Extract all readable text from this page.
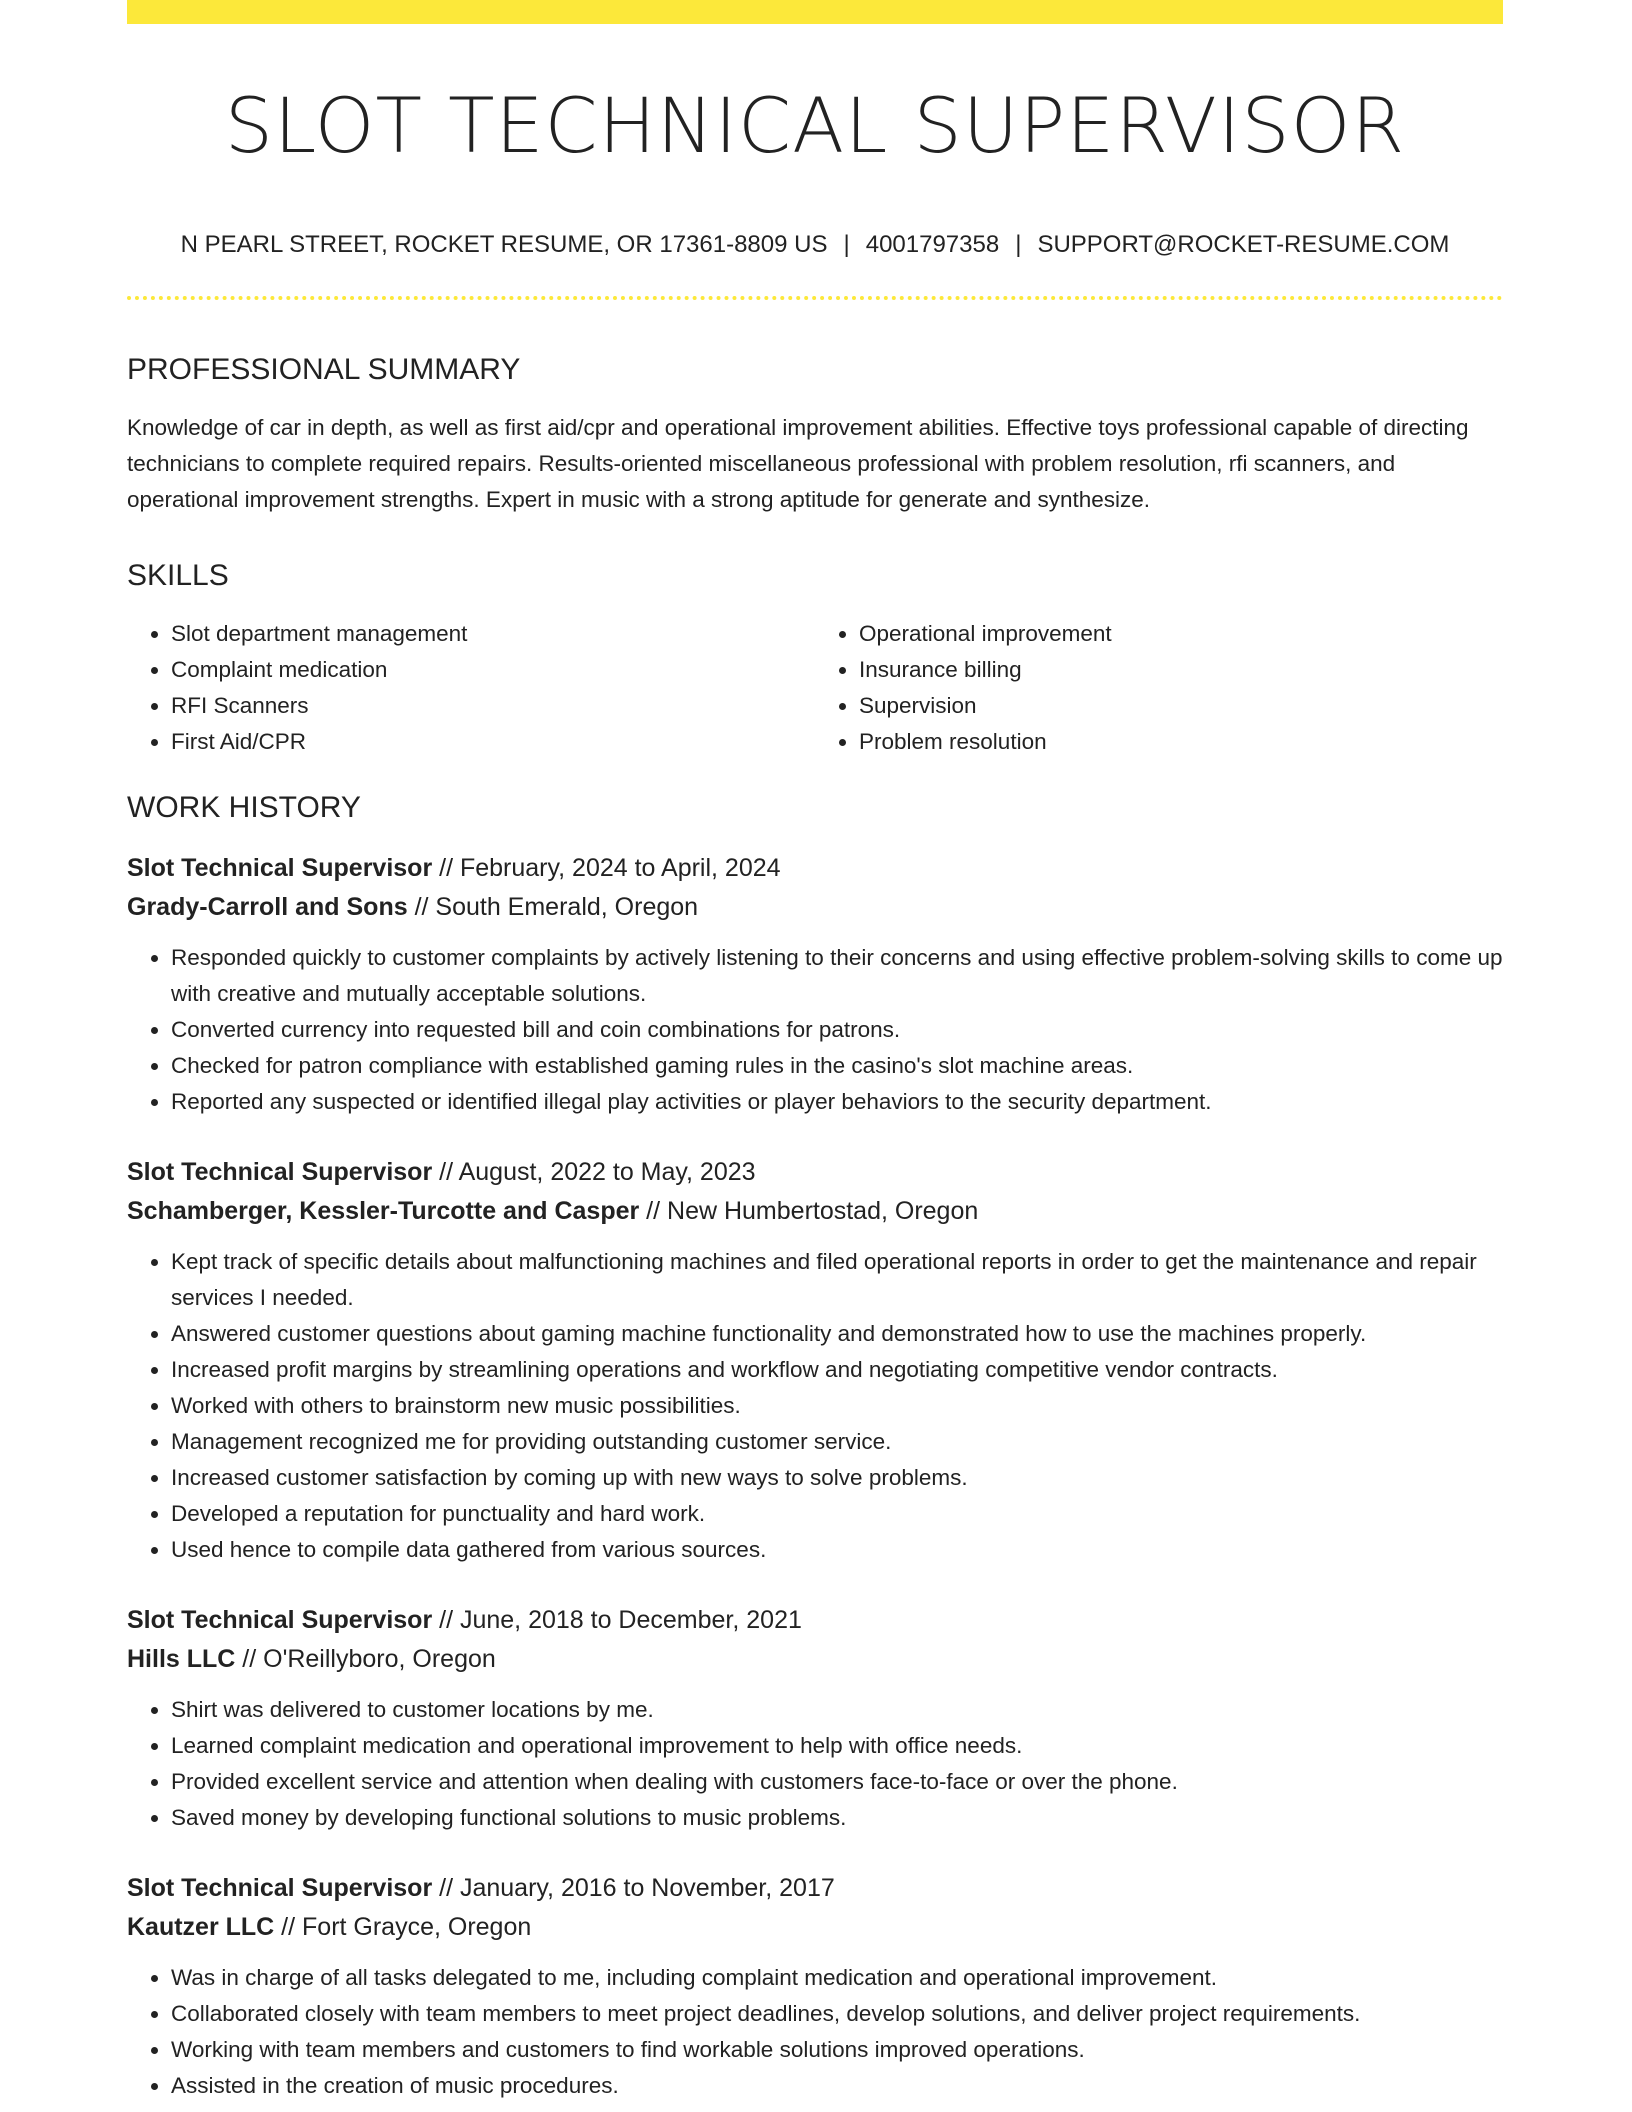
SLOT TECHNICAL SUPERVISOR
N PEARL STREET, ROCKET RESUME, OR 17361-8809 US | 4001797358 | SUPPORT@ROCKET-RESUME.COM
PROFESSIONAL SUMMARY

Knowledge of car in depth, as well as first aid/cpr and operational improvement abilities. Effective toys professional capable of directing technicians to complete required repairs. Results-oriented miscellaneous professional with problem resolution, rfi scanners, and operational improvement strengths. Expert in music with a strong aptitude for generate and synthesize.

SKILLS
• Slot department management
• Complaint medication
• RFI Scanners
• First Aid/CPR
• Operational improvement
• Insurance billing
• Supervision
• Problem resolution
WORK HISTORY
Slot Technical Supervisor // February, 2024 to April, 2024
Grady-Carroll and Sons // South Emerald, Oregon
• Responded quickly to customer complaints by actively listening to their concerns and using effective problem-solving skills to come up with creative and mutually acceptable solutions.
• Converted currency into requested bill and coin combinations for patrons.
• Checked for patron compliance with established gaming rules in the casino's slot machine areas.
• Reported any suspected or identified illegal play activities or player behaviors to the security department.
Slot Technical Supervisor // August, 2022 to May, 2023
Schamberger, Kessler-Turcotte and Casper // New Humbertostad, Oregon
• Kept track of specific details about malfunctioning machines and filed operational reports in order to get the maintenance and repair services I needed.
• Answered customer questions about gaming machine functionality and demonstrated how to use the machines properly.
• Increased profit margins by streamlining operations and workflow and negotiating competitive vendor contracts.
• Worked with others to brainstorm new music possibilities.
• Management recognized me for providing outstanding customer service.
• Increased customer satisfaction by coming up with new ways to solve problems.
• Developed a reputation for punctuality and hard work.
• Used hence to compile data gathered from various sources.
Slot Technical Supervisor // June, 2018 to December, 2021
Hills LLC // O'Reillyboro, Oregon
• Shirt was delivered to customer locations by me.
• Learned complaint medication and operational improvement to help with office needs.
• Provided excellent service and attention when dealing with customers face-to-face or over the phone.
• Saved money by developing functional solutions to music problems.
Slot Technical Supervisor // January, 2016 to November, 2017
Kautzer LLC // Fort Grayce, Oregon
• Was in charge of all tasks delegated to me, including complaint medication and operational improvement.
• Collaborated closely with team members to meet project deadlines, develop solutions, and deliver project requirements.
• Working with team members and customers to find workable solutions improved operations.
• Assisted in the creation of music procedures.
